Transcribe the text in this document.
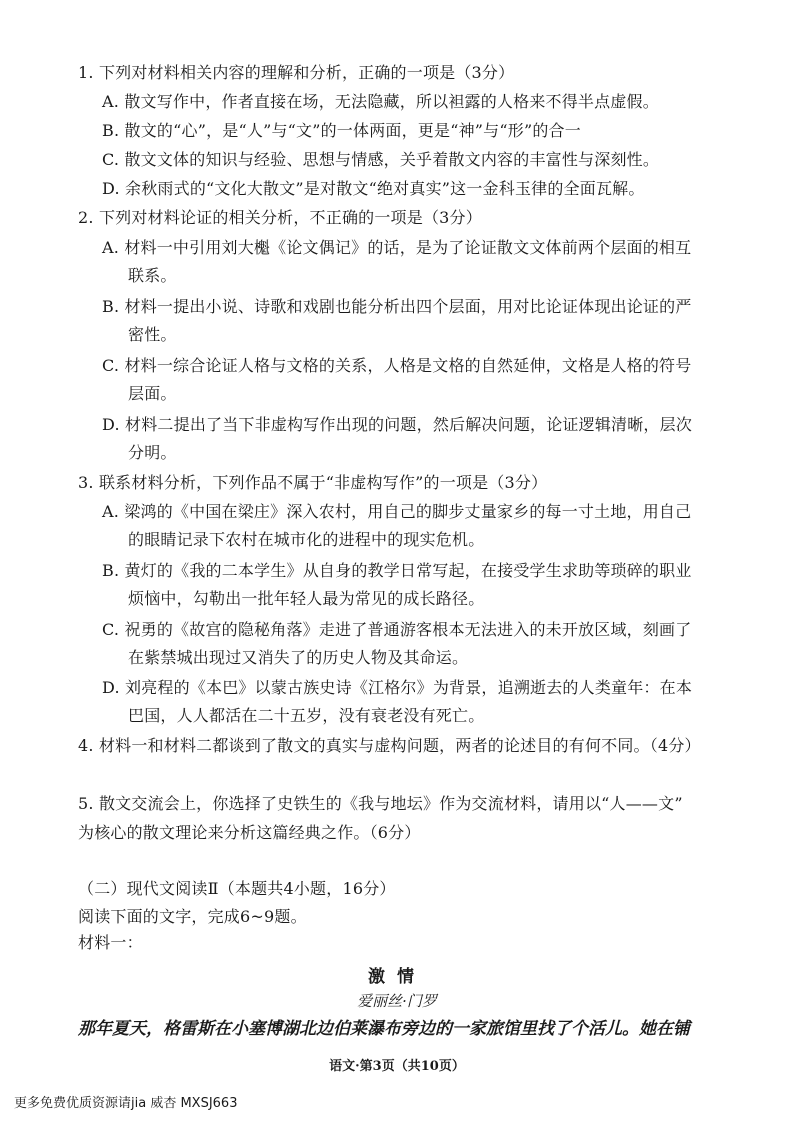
1. 下列对材料相关内容的理解和分析，正确的一项是（3分）
A. 散文写作中，作者直接在场，无法隐藏，所以袒露的人格来不得半点虚假。
B. 散文的“心”，是“人”与“文”的一体两面，更是“神”与“形”的合一
C. 散文文体的知识与经验、思想与情感，关乎着散文内容的丰富性与深刻性。
D. 余秋雨式的“文化大散文”是对散文“绝对真实”这一金科玉律的全面瓦解。
2. 下列对材料论证的相关分析，不正确的一项是（3分）
A. 材料一中引用刘大櫆《论文偶记》的话，是为了论证散文文体前两个层面的相互
联系。
B. 材料一提出小说、诗歌和戏剧也能分析出四个层面，用对比论证体现出论证的严
密性。
C. 材料一综合论证人格与文格的关系，人格是文格的自然延伸，文格是人格的符号
层面。
D. 材料二提出了当下非虚构写作出现的问题，然后解决问题，论证逻辑清晰，层次
分明。
3. 联系材料分析，下列作品不属于“非虚构写作”的一项是（3分）
A. 梁鸿的《中国在梁庄》深入农村，用自己的脚步丈量家乡的每一寸土地，用自己
的眼睛记录下农村在城市化的进程中的现实危机。
B. 黄灯的《我的二本学生》从自身的教学日常写起，在接受学生求助等琐碎的职业
烦恼中，勾勒出一批年轻人最为常见的成长路径。
C. 祝勇的《故宫的隐秘角落》走进了普通游客根本无法进入的未开放区域，刻画了
在紫禁城出现过又消失了的历史人物及其命运。
D. 刘亮程的《本巴》以蒙古族史诗《江格尔》为背景，追溯逝去的人类童年：在本
巴国，人人都活在二十五岁，没有衰老没有死亡。
4. 材料一和材料二都谈到了散文的真实与虚构问题，两者的论述目的有何不同。（4分）
5. 散文交流会上，你选择了史铁生的《我与地坛》作为交流材料，请用以“人——文”
为核心的散文理论来分析这篇经典之作。（6分）
（二）现代文阅读Ⅱ（本题共4小题，16分）
阅读下面的文字，完成6~9题。
材料一：
激情
爱丽丝·门罗
那年夏天，格雷斯在小塞博湖北边伯莱瀑布旁边的一家旅馆里找了个活儿。她在铺
语文·第3页（共10页）
更多免费优质资源请jia 威杏 MXSJ663
